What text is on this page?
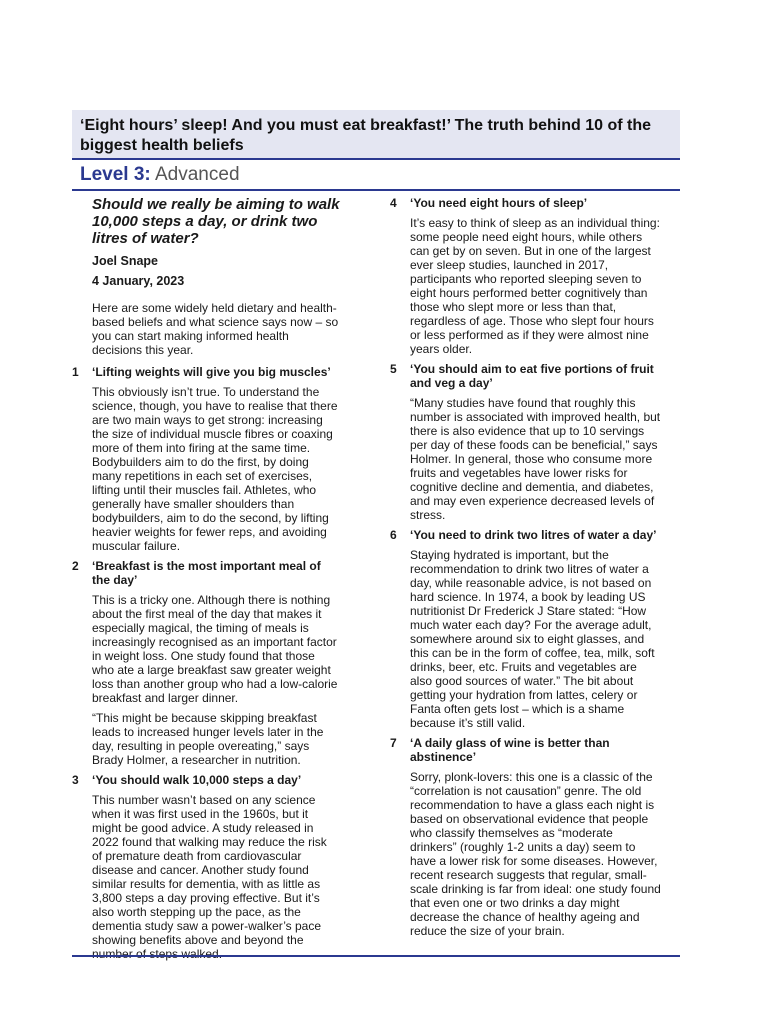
‘Eight hours’ sleep! And you must eat breakfast!’ The truth behind 10 of the biggest health beliefs
Level 3: Advanced

Should we really be aiming to walk 10,000 steps a day, or drink two litres of water?

Joel Snape

4 January, 2023

Here are some widely held dietary and health-based beliefs and what science says now – so you can start making informed health decisions this year.

1	‘Lifting weights will give you big muscles’

This obviously isn’t true. To understand the science, though, you have to realise that there are two main ways to get strong: increasing the size of individual muscle fibres or coaxing more of them into firing at the same time. Bodybuilders aim to do the first, by doing many repetitions in each set of exercises, lifting until their muscles fail. Athletes, who generally have smaller shoulders than bodybuilders, aim to do the second, by lifting heavier weights for fewer reps, and avoiding muscular failure.

2	‘Breakfast is the most important meal of the day’

This is a tricky one. Although there is nothing about the first meal of the day that makes it especially magical, the timing of meals is increasingly recognised as an important factor in weight loss. One study found that those who ate a large breakfast saw greater weight loss than another group who had a low-calorie breakfast and larger dinner.

“This might be because skipping breakfast leads to increased hunger levels later in the day, resulting in people overeating,” says Brady Holmer, a researcher in nutrition.

3	‘You should walk 10,000 steps a day’

This number wasn’t based on any science when it was first used in the 1960s, but it might be good advice. A study released in 2022 found that walking may reduce the risk of premature death from cardiovascular disease and cancer. Another study found similar results for dementia, with as little as 3,800 steps a day proving effective. But it’s also worth stepping up the pace, as the dementia study saw a power-walker’s pace showing benefits above and beyond the number of steps walked.

4	‘You need eight hours of sleep’

It’s easy to think of sleep as an individual thing: some people need eight hours, while others can get by on seven. But in one of the largest ever sleep studies, launched in 2017, participants who reported sleeping seven to eight hours performed better cognitively than those who slept more or less than that, regardless of age. Those who slept four hours or less performed as if they were almost nine years older.

5	‘You should aim to eat five portions of fruit and veg a day’

“Many studies have found that roughly this number is associated with improved health, but there is also evidence that up to 10 servings per day of these foods can be beneficial,” says Holmer. In general, those who consume more fruits and vegetables have lower risks for cognitive decline and dementia, and diabetes, and may even experience decreased levels of stress.

6	‘You need to drink two litres of water a day’

Staying hydrated is important, but the recommendation to drink two litres of water a day, while reasonable advice, is not based on hard science. In 1974, a book by leading US nutritionist Dr Frederick J Stare stated: “How much water each day? For the average adult, somewhere around six to eight glasses, and this can be in the form of coffee, tea, milk, soft drinks, beer, etc. Fruits and vegetables are also good sources of water.” The bit about getting your hydration from lattes, celery or Fanta often gets lost – which is a shame because it’s still valid.

7	‘A daily glass of wine is better than abstinence’

Sorry, plonk-lovers: this one is a classic of the “correlation is not causation” genre. The old recommendation to have a glass each night is based on observational evidence that people who classify themselves as “moderate drinkers” (roughly 1-2 units a day) seem to have a lower risk for some diseases. However, recent research suggests that regular, small-scale drinking is far from ideal: one study found that even one or two drinks a day might decrease the chance of healthy ageing and reduce the size of your brain.
